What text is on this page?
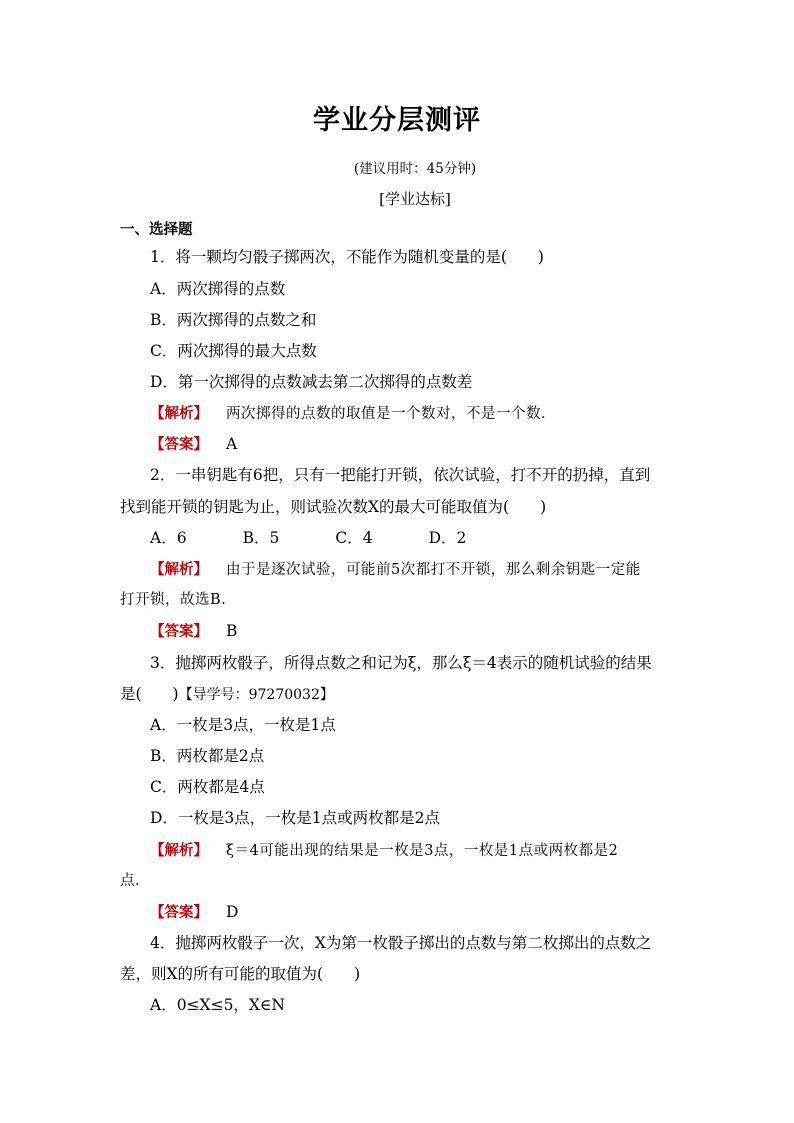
学业分层测评
(建议用时：45分钟)
[学业达标]
一、选择题
1．将一颗均匀骰子掷两次，不能作为随机变量的是(　　)
A．两次掷得的点数
B．两次掷得的点数之和
C．两次掷得的最大点数
D．第一次掷得的点数减去第二次掷得的点数差
【解析】 两次掷得的点数的取值是一个数对，不是一个数．
【答案】 A
2．一串钥匙有6把，只有一把能打开锁，依次试验，打不开的扔掉，直到
找到能开锁的钥匙为止，则试验次数X的最大可能取值为(　　)
A．6	B．5	C．4	D．2
【解析】 由于是逐次试验，可能前5次都打不开锁，那么剩余钥匙一定能
打开锁，故选B.
【答案】 B
3．抛掷两枚骰子，所得点数之和记为ξ，那么ξ＝4表示的随机试验的结果
是(　　)【导学号：97270032】
A．一枚是3点，一枚是1点
B．两枚都是2点
C．两枚都是4点
D．一枚是3点，一枚是1点或两枚都是2点
【解析】 ξ＝4可能出现的结果是一枚是3点，一枚是1点或两枚都是2
点．
【答案】 D
4．抛掷两枚骰子一次，X为第一枚骰子掷出的点数与第二枚掷出的点数之
差，则X的所有可能的取值为(　　)
A．0≤X≤5，X∈N
